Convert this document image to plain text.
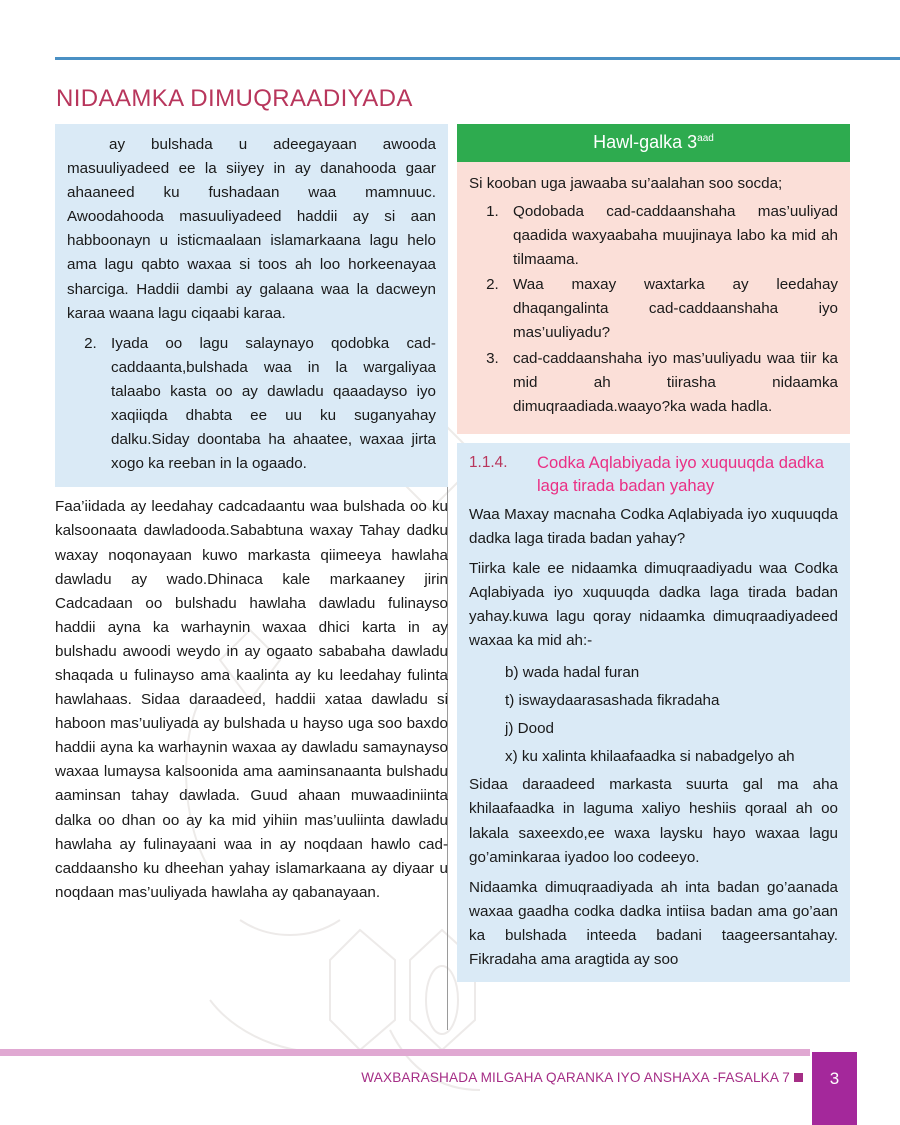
NIDAAMKA DIMUQRAADIYADA

ay bulshada u adeegayaan awooda masuuliyadeed ee la siiyey in ay danahooda gaar ahaaneed ku fushadaan waa mamnuuc. Awoodahooda masuuliyadeed haddii ay si aan habboonayn u isticmaalaan islamarkaana lagu helo ama lagu qabto waxaa si toos ah loo horkeenayaa sharciga. Haddii dambi ay galaana waa la dacweyn karaa waana lagu ciqaabi karaa.

2. Iyada oo lagu salaynayo qodobka cad-caddaanta,bulshada waa in la wargaliyaa talaabo kasta oo ay dawladu qaaadayso iyo xaqiiqda dhabta ee uu ku suganyahay dalku.Siday doontaba ha ahaatee, waxaa jirta xogo ka reeban in la ogaado.

Faa’iidada ay leedahay cadcadaantu waa bulshada oo ku kalsoonaata dawladooda.Sababtuna waxay Tahay dadku waxay noqonayaan kuwo markasta qiimeeya hawlaha dawladu ay wado.Dhinaca kale markaaney jirin Cadcadaan oo bulshadu hawlaha dawladu fulinayso haddii ayna ka warhaynin waxaa dhici karta in ay bulshadu awoodi weydo in ay ogaato sababaha dawladu shaqada u fulinayso ama kaalinta ay ku leedahay fulinta hawlahaas. Sidaa daraadeed, haddii xataa dawladu si haboon mas’uuliyada ay bulshada u hayso uga soo baxdo haddii ayna ka warhaynin waxaa ay dawladu samaynayso waxaa lumaysa kalsoonida ama aaminsanaanta bulshadu aaminsan tahay dawlada. Guud ahaan muwaadiniinta dalka oo dhan oo ay ka mid yihiin mas’uuliinta dawladu hawlaha ay fulinayaani waa in ay noqdaan hawlo cad-caddaansho ku dheehan yahay islamarkaana ay diyaar u noqdaan mas’uuliyada hawlaha ay qabanayaan.

Hawl-galka $3^{aad}$

Si kooban uga jawaaba su’aalahan soo socda;

1. Qodobada cad-caddaanshaha mas’uuliyad qaadida waxyaabaha muujinaya labo ka mid ah tilmaama.
2. Waa maxay waxtarka ay leedahay dhaqangalinta cad-caddaanshaha iyo mas’uuliyadu?
3. cad-caddaanshaha iyo mas’uuliyadu waa tiir ka mid ah tiirasha nidaamka dimuqraadiada.waayo?ka wada hadla.
1.1.4.	Codka Aqlabiyada iyo xuquuqda dadka laga tirada badan yahay

Waa Maxay macnaha Codka Aqlabiyada iyo xuquuqda dadka laga tirada badan yahay?

Tiirka kale ee nidaamka dimuqraadiyadu waa Codka Aqlabiyada iyo xuquuqda dadka laga tirada badan yahay.kuwa lagu qoray nidaamka dimuqraadiyadeed waxaa ka mid ah:-

b) wada hadal furan
t) iswaydaarasashada fikradaha
j) Dood
x) ku xalinta khilaafaadka si nabadgelyo ah

Sidaa daraadeed markasta suurta gal ma aha khilaafaadka in laguma xaliyo heshiis qoraal ah oo lakala saxeexdo,ee waxa laysku hayo waxaa lagu go’aminkaraa iyadoo loo codeeyo.

Nidaamka dimuqraadiyada ah inta badan go’aanada waxaa gaadha codka dadka intiisa badan ama go’aan ka bulshada inteeda badani taageersantahay. Fikradaha ama aragtida ay soo

WAXBARASHADA MILGAHA QARANKA IYO ANSHAXA -FASALKA 7	3
